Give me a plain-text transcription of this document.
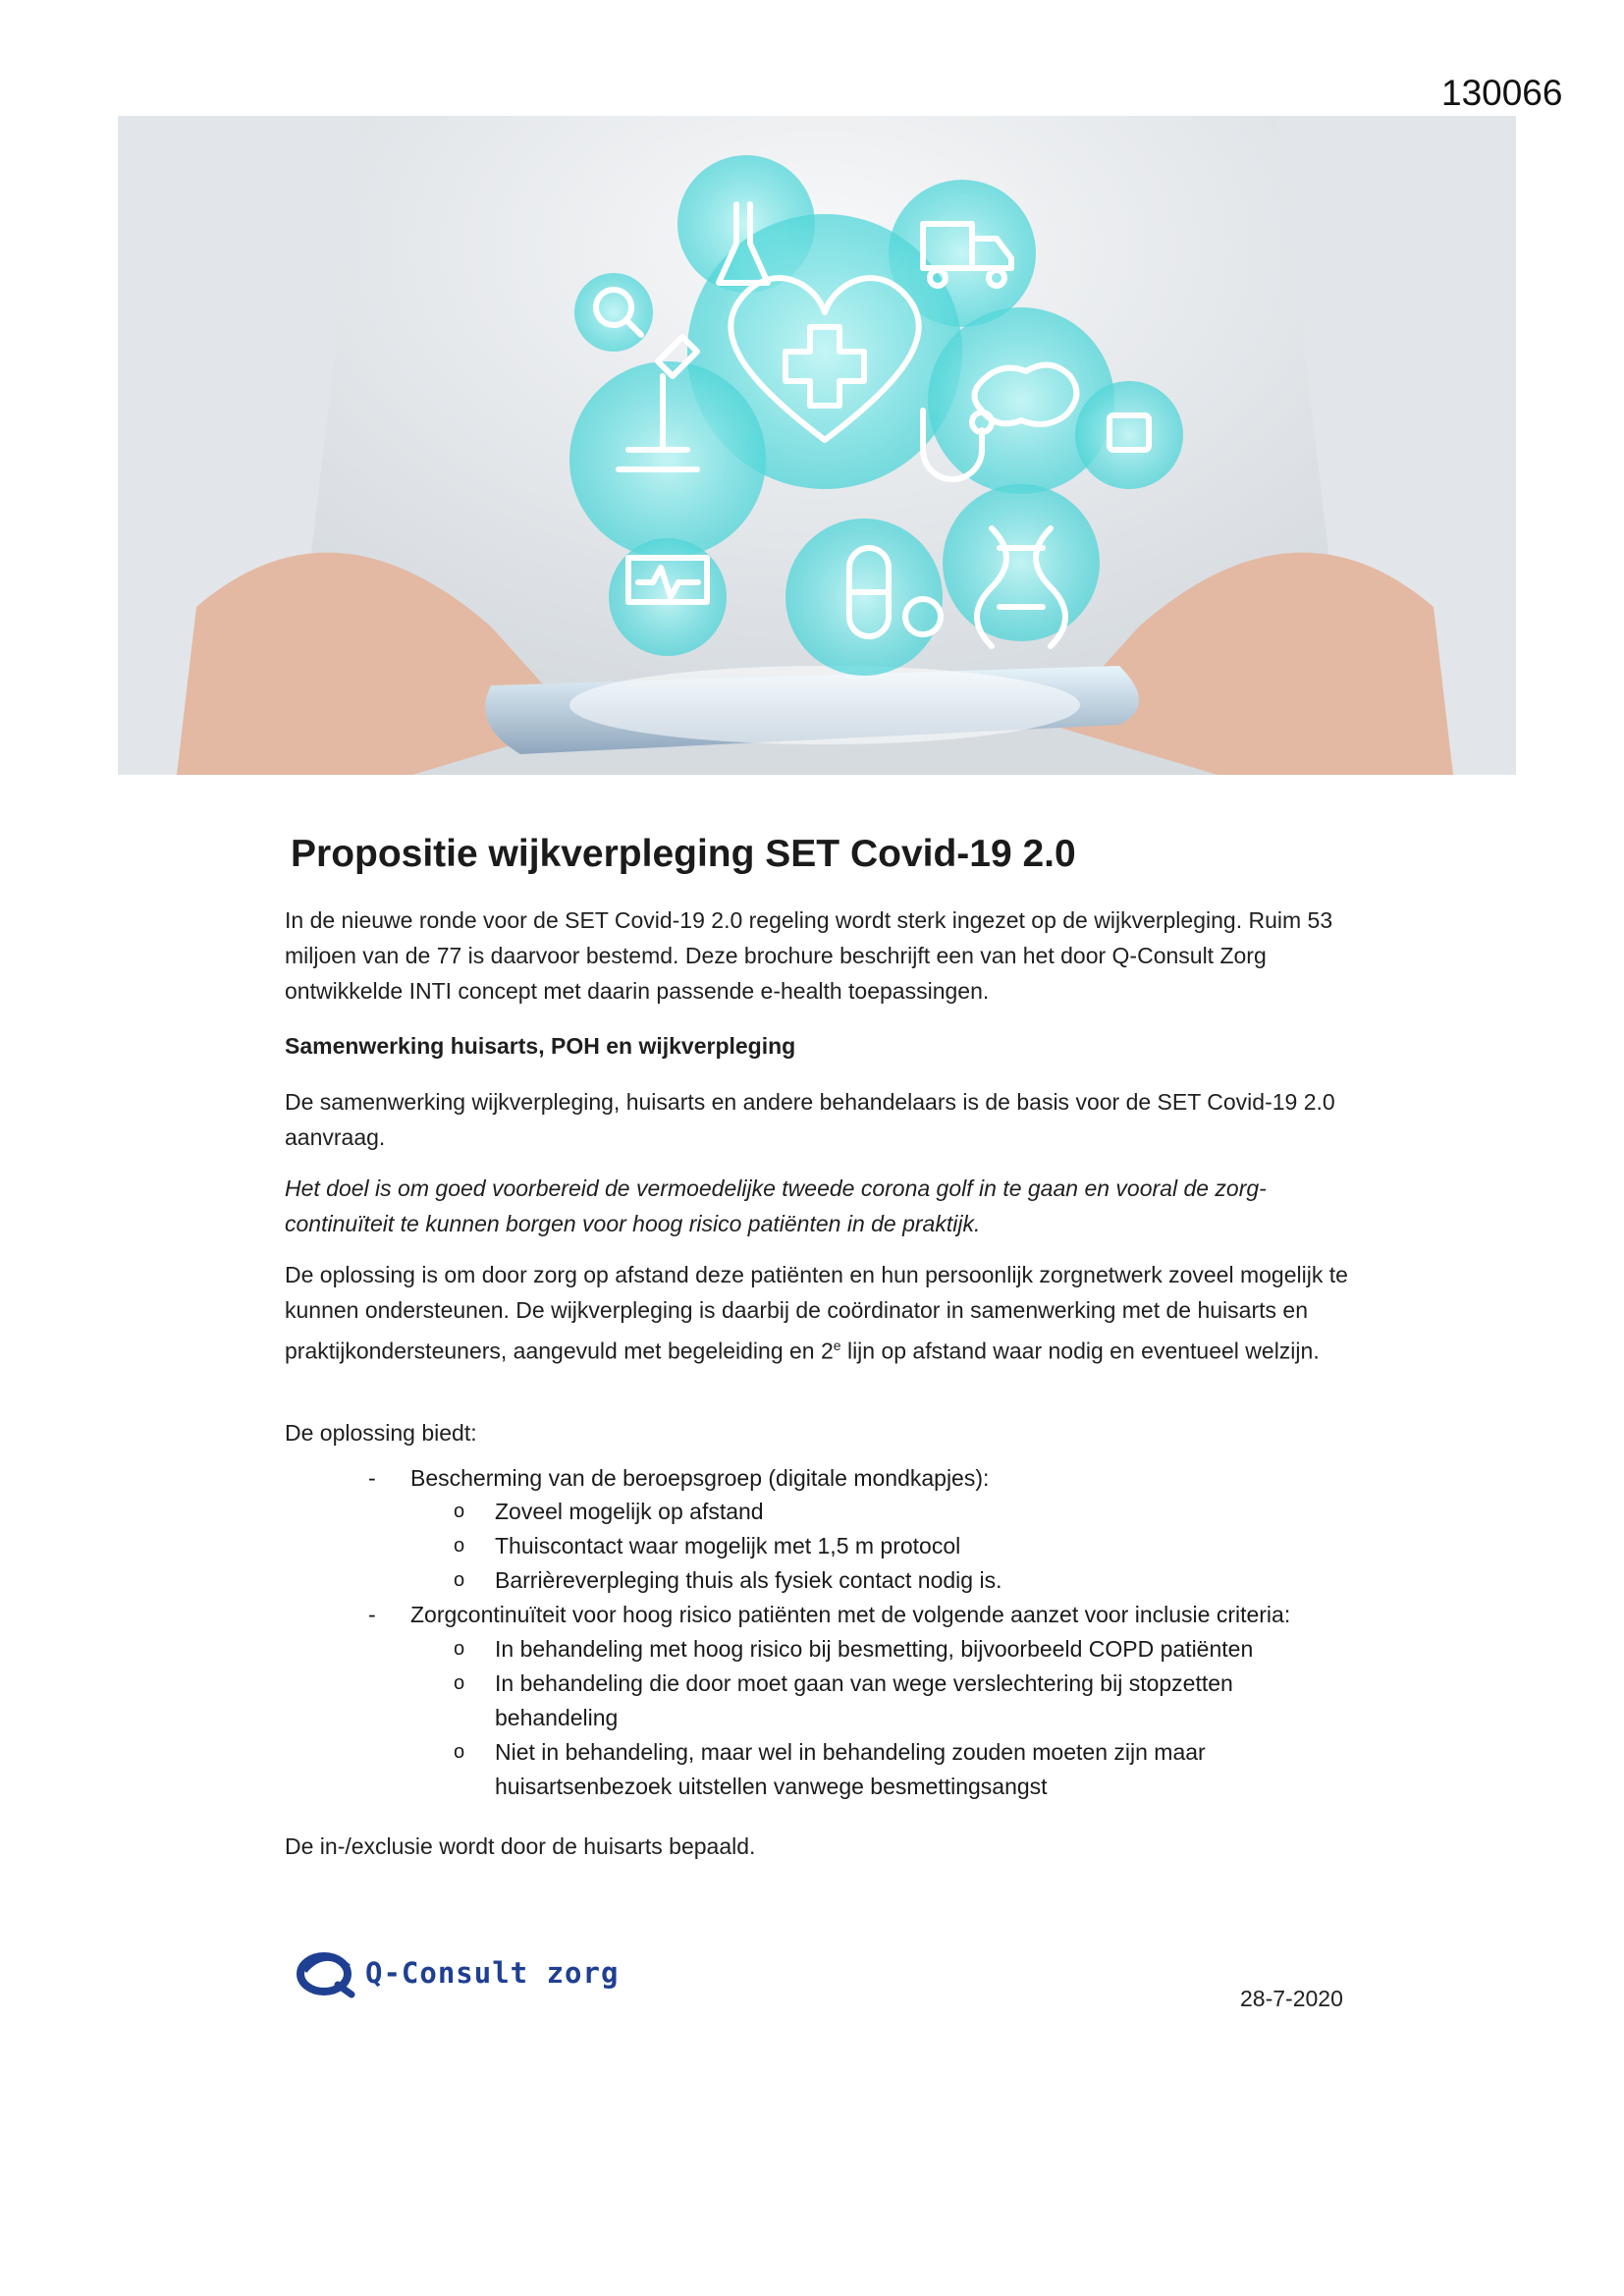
130066
Propositie wijkverpleging SET Covid-19 2.0

In de nieuwe ronde voor de SET Covid-19 2.0 regeling wordt sterk ingezet op de wijkverpleging. Ruim 53 miljoen van de 77 is daarvoor bestemd. Deze brochure beschrijft een van het door Q-Consult Zorg ontwikkelde INTI concept met daarin passende e-health toepassingen.

Samenwerking huisarts, POH en wijkverpleging

De samenwerking wijkverpleging, huisarts en andere behandelaars is de basis voor de SET Covid-19 2.0 aanvraag.

Het doel is om goed voorbereid de vermoedelijke tweede corona golf in te gaan en vooral de zorg-continuïteit te kunnen borgen voor hoog risico patiënten in de praktijk.

De oplossing is om door zorg op afstand deze patiënten en hun persoonlijk zorgnetwerk zoveel mogelijk te kunnen ondersteunen. De wijkverpleging is daarbij de coördinator in samenwerking met de huisarts en praktijkondersteuners, aangevuld met begeleiding en 2e lijn op afstand waar nodig en eventueel welzijn.

De oplossing biedt:

- Bescherming van de beroepsgroep (digitale mondkapjes):
o Zoveel mogelijk op afstand
o Thuiscontact waar mogelijk met 1,5 m protocol
o Barrièreverpleging thuis als fysiek contact nodig is.
- Zorgcontinuïteit voor hoog risico patiënten met de volgende aanzet voor inclusie criteria:
o In behandeling met hoog risico bij besmetting, bijvoorbeeld COPD patiënten
o In behandeling die door moet gaan van wege verslechtering bij stopzetten behandeling
o Niet in behandeling, maar wel in behandeling zouden moeten zijn maar huisartsenbezoek uitstellen vanwege besmettingsangst

De in-/exclusie wordt door de huisarts bepaald.

Q-Consult zorg
28-7-2020
